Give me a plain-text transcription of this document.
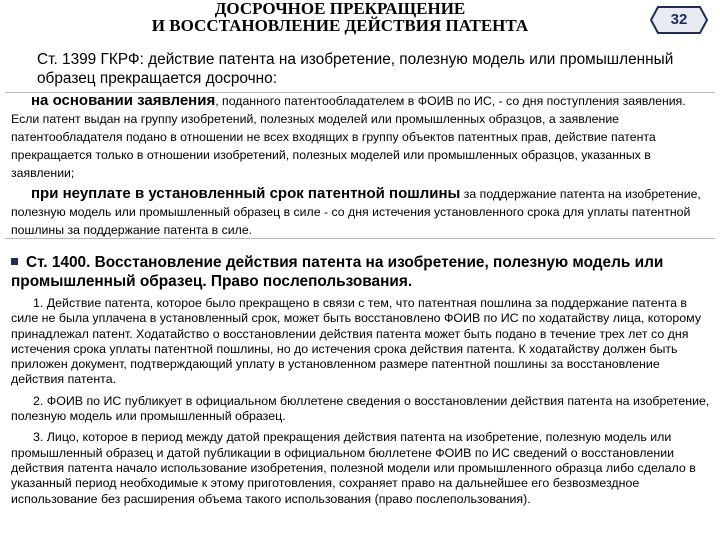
ДОСРОЧНОЕ ПРЕКРАЩЕНИЕ
И ВОССТАНОВЛЕНИЕ ДЕЙСТВИЯ ПАТЕНТА	32
Ст. 1399 ГКРФ: действие патента на изобретение, полезную модель или промышленный образец прекращается досрочно:
на основании заявления, поданного патентообладателем в ФОИВ по ИС, - со дня поступления заявления. Если патент выдан на группу изобретений, полезных моделей или промышленных образцов, а заявление патентообладателя подано в отношении не всех входящих в группу объектов патентных прав, действие патента прекращается только в отношении изобретений, полезных моделей или промышленных образцов, указанных в заявлении;
при неуплате в установленный срок патентной пошлины за поддержание патента на изобретение, полезную модель или промышленный образец в силе - со дня истечения установленного срока для уплаты патентной пошлины за поддержание патента в силе.
Ст. 1400. Восстановление действия патента на изобретение, полезную модель или промышленный образец. Право послепользования.
1. Действие патента, которое было прекращено в связи с тем, что патентная пошлина за поддержание патента в силе не была уплачена в установленный срок, может быть восстановлено ФОИВ по ИС по ходатайству лица, которому принадлежал патент. Ходатайство о восстановлении действия патента может быть подано в течение трех лет со дня истечения срока уплаты патентной пошлины, но до истечения срока действия патента. К ходатайству должен быть приложен документ, подтверждающий уплату в установленном размере патентной пошлины за восстановление действия патента.
2. ФОИВ по ИС публикует в официальном бюллетене сведения о восстановлении действия патента на изобретение, полезную модель или промышленный образец.
3. Лицо, которое в период между датой прекращения действия патента на изобретение, полезную модель или промышленный образец и датой публикации в официальном бюллетене ФОИВ по ИС сведений о восстановлении действия патента начало использование изобретения, полезной модели или промышленного образца либо сделало в указанный период необходимые к этому приготовления, сохраняет право на дальнейшее его безвозмездное использование без расширения объема такого использования (право послепользования).
